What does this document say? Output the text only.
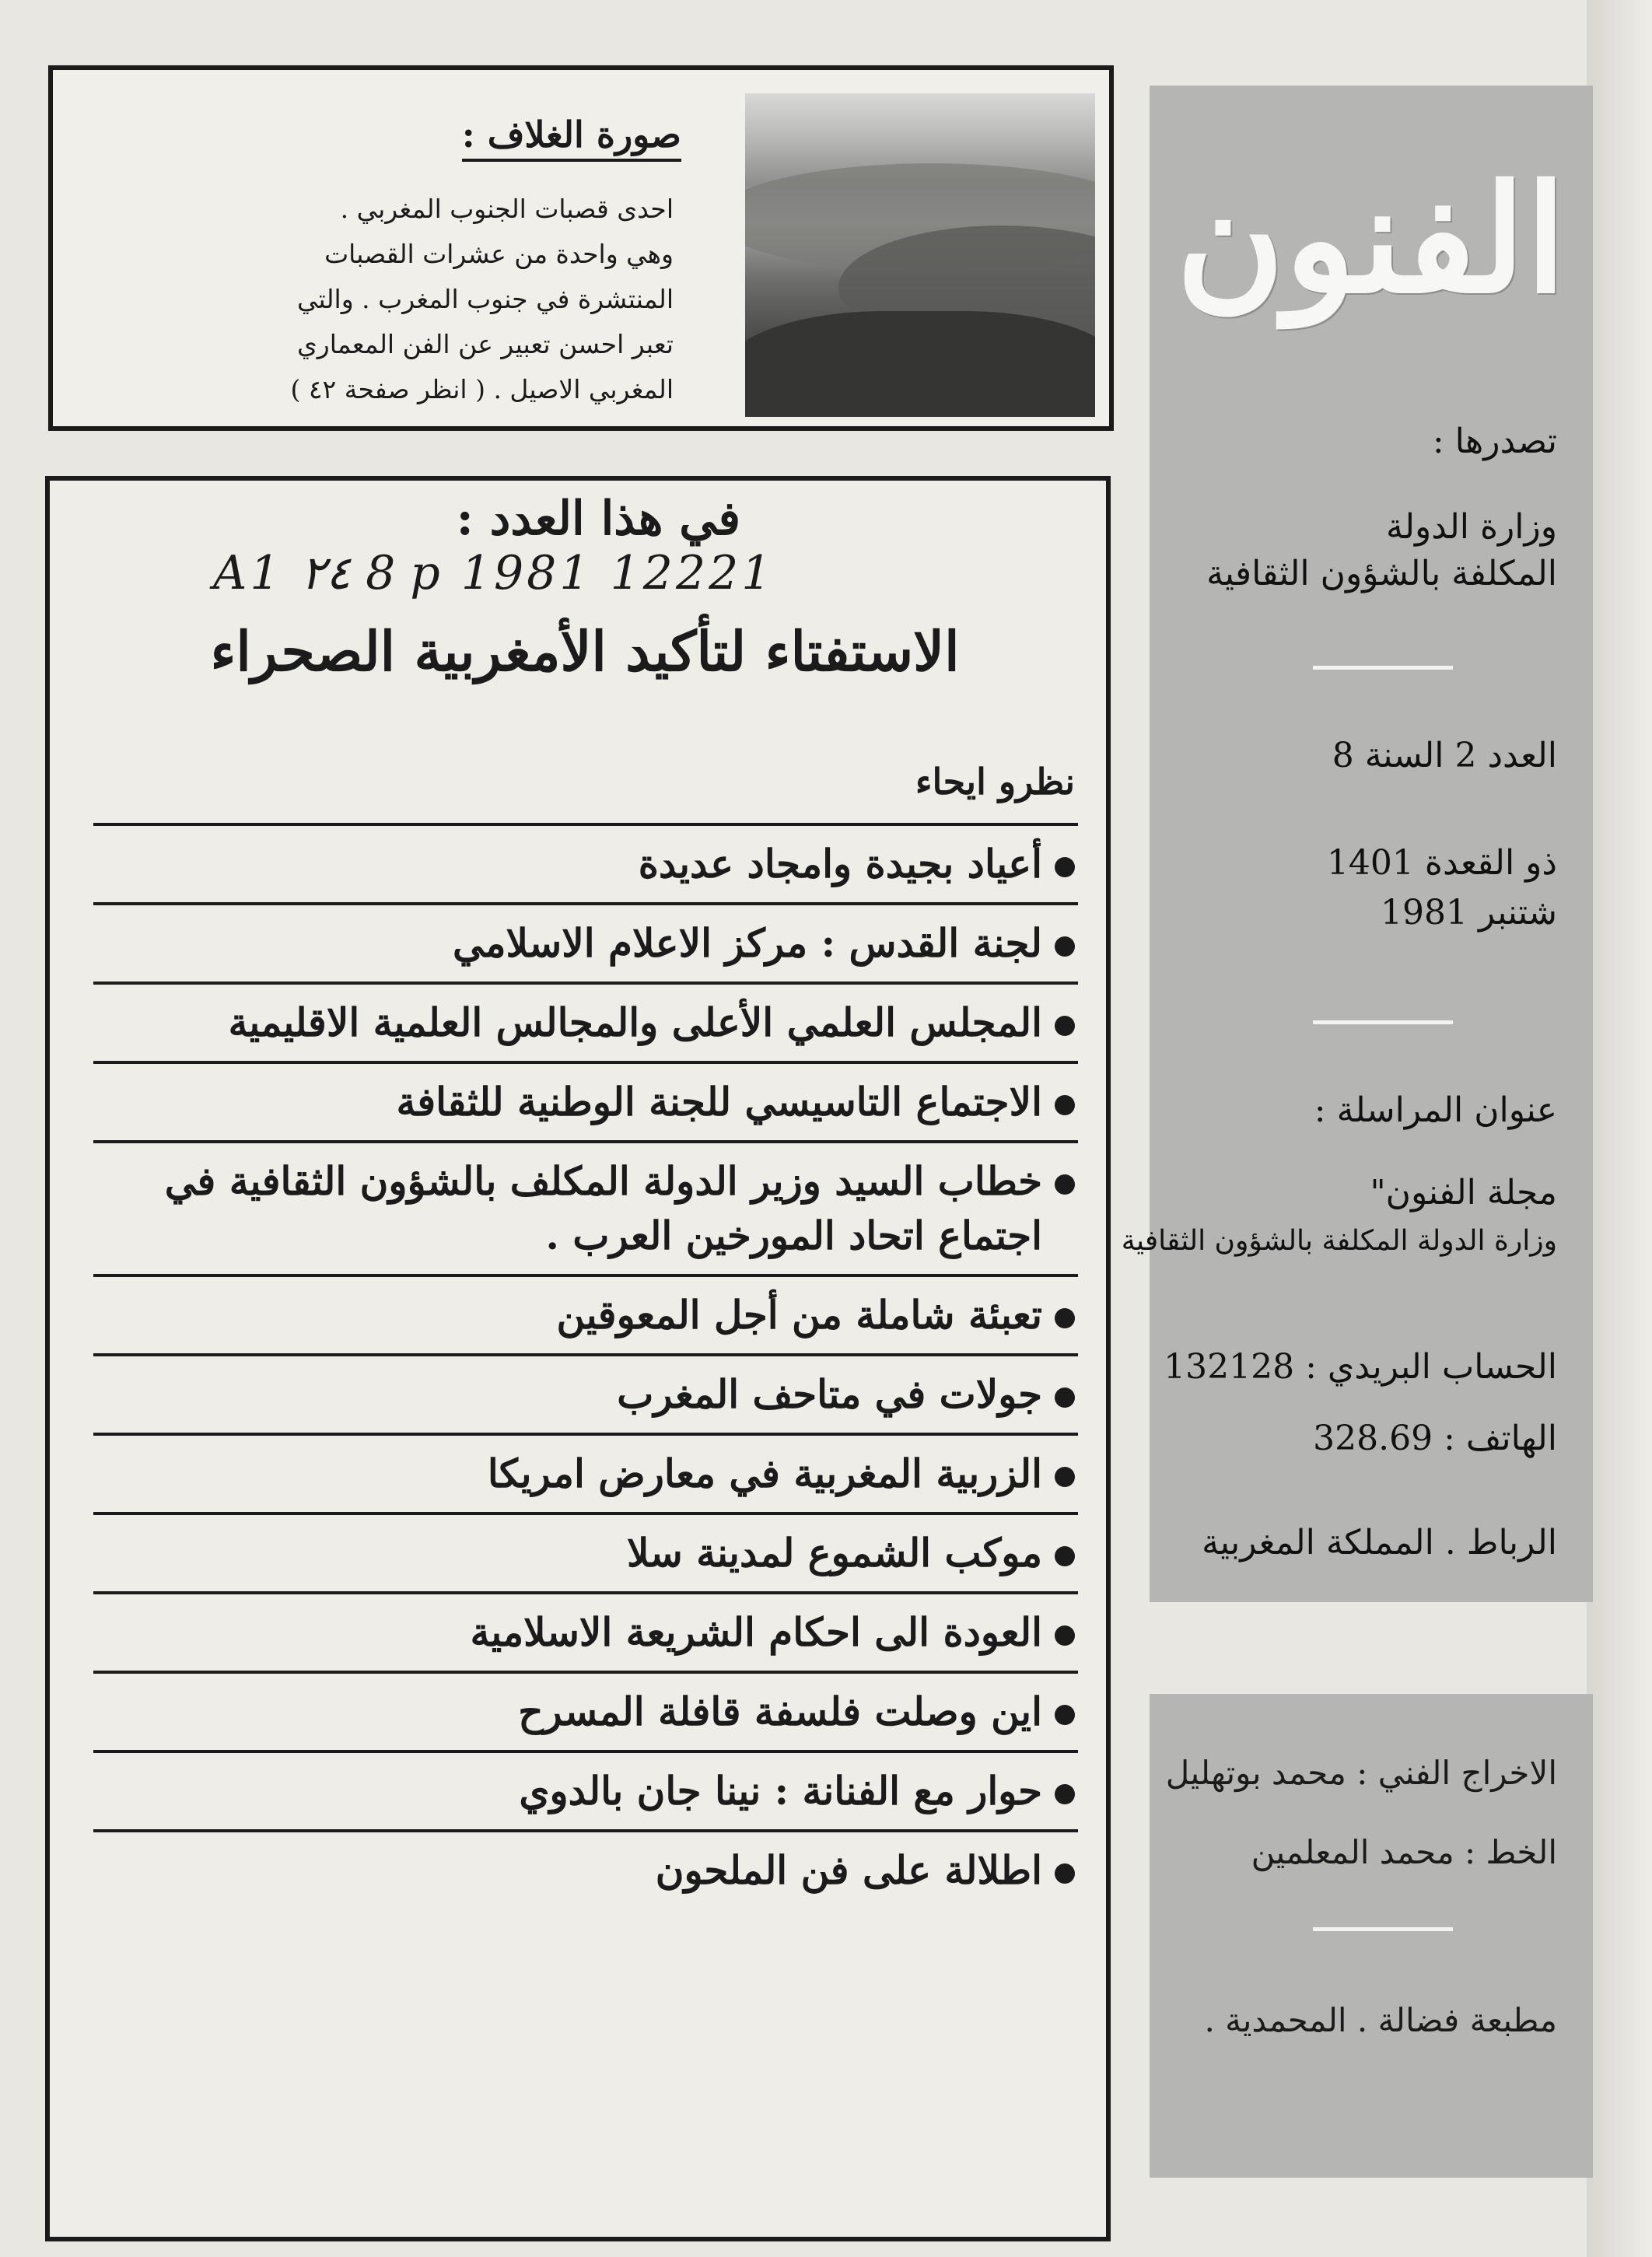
صورة الغلاف :
احدى قصبات الجنوب المغربي .
وهي واحدة من عشرات القصبات
المنتشرة في جنوب المغرب . والتي
تعبر احسن تعبير عن الفن المعماري
المغربي الاصيل . ( انظر صفحة ٤٢ )
في هذا العدد :
A1 ٢٤ 8 p 1981 12221
الاستفتاء لتأكيد الأمغربية الصحراء
نظرو ايحاء
أعياد بجيدة وامجاد عديدة
لجنة القدس : مركز الاعلام الاسلامي
المجلس العلمي الأعلى والمجالس العلمية الاقليمية
الاجتماع التاسيسي للجنة الوطنية للثقافة
خطاب السيد وزير الدولة المكلف بالشؤون الثقافية في اجتماع اتحاد المورخين العرب .
تعبئة شاملة من أجل المعوقين
جولات في متاحف المغرب
الزربية المغربية في معارض امريكا
موكب الشموع لمدينة سلا
العودة الى احكام الشريعة الاسلامية
اين وصلت فلسفة قافلة المسرح
حوار مع الفنانة : نينا جان بالدوي
اطلالة على فن الملحون
الفنون
تصدرها :
وزارة الدولة
المكلفة بالشؤون الثقافية
العدد 2 السنة 8
ذو القعدة 1401
شتنبر 1981
عنوان المراسلة :
مجلة الفنون"
وزارة الدولة المكلفة بالشؤون الثقافية
الحساب البريدي : 132128
الهاتف : 328.69
الرباط . المملكة المغربية
الاخراج الفني : محمد بوتهليل
الخط : محمد المعلمين
مطبعة فضالة . المحمدية .
